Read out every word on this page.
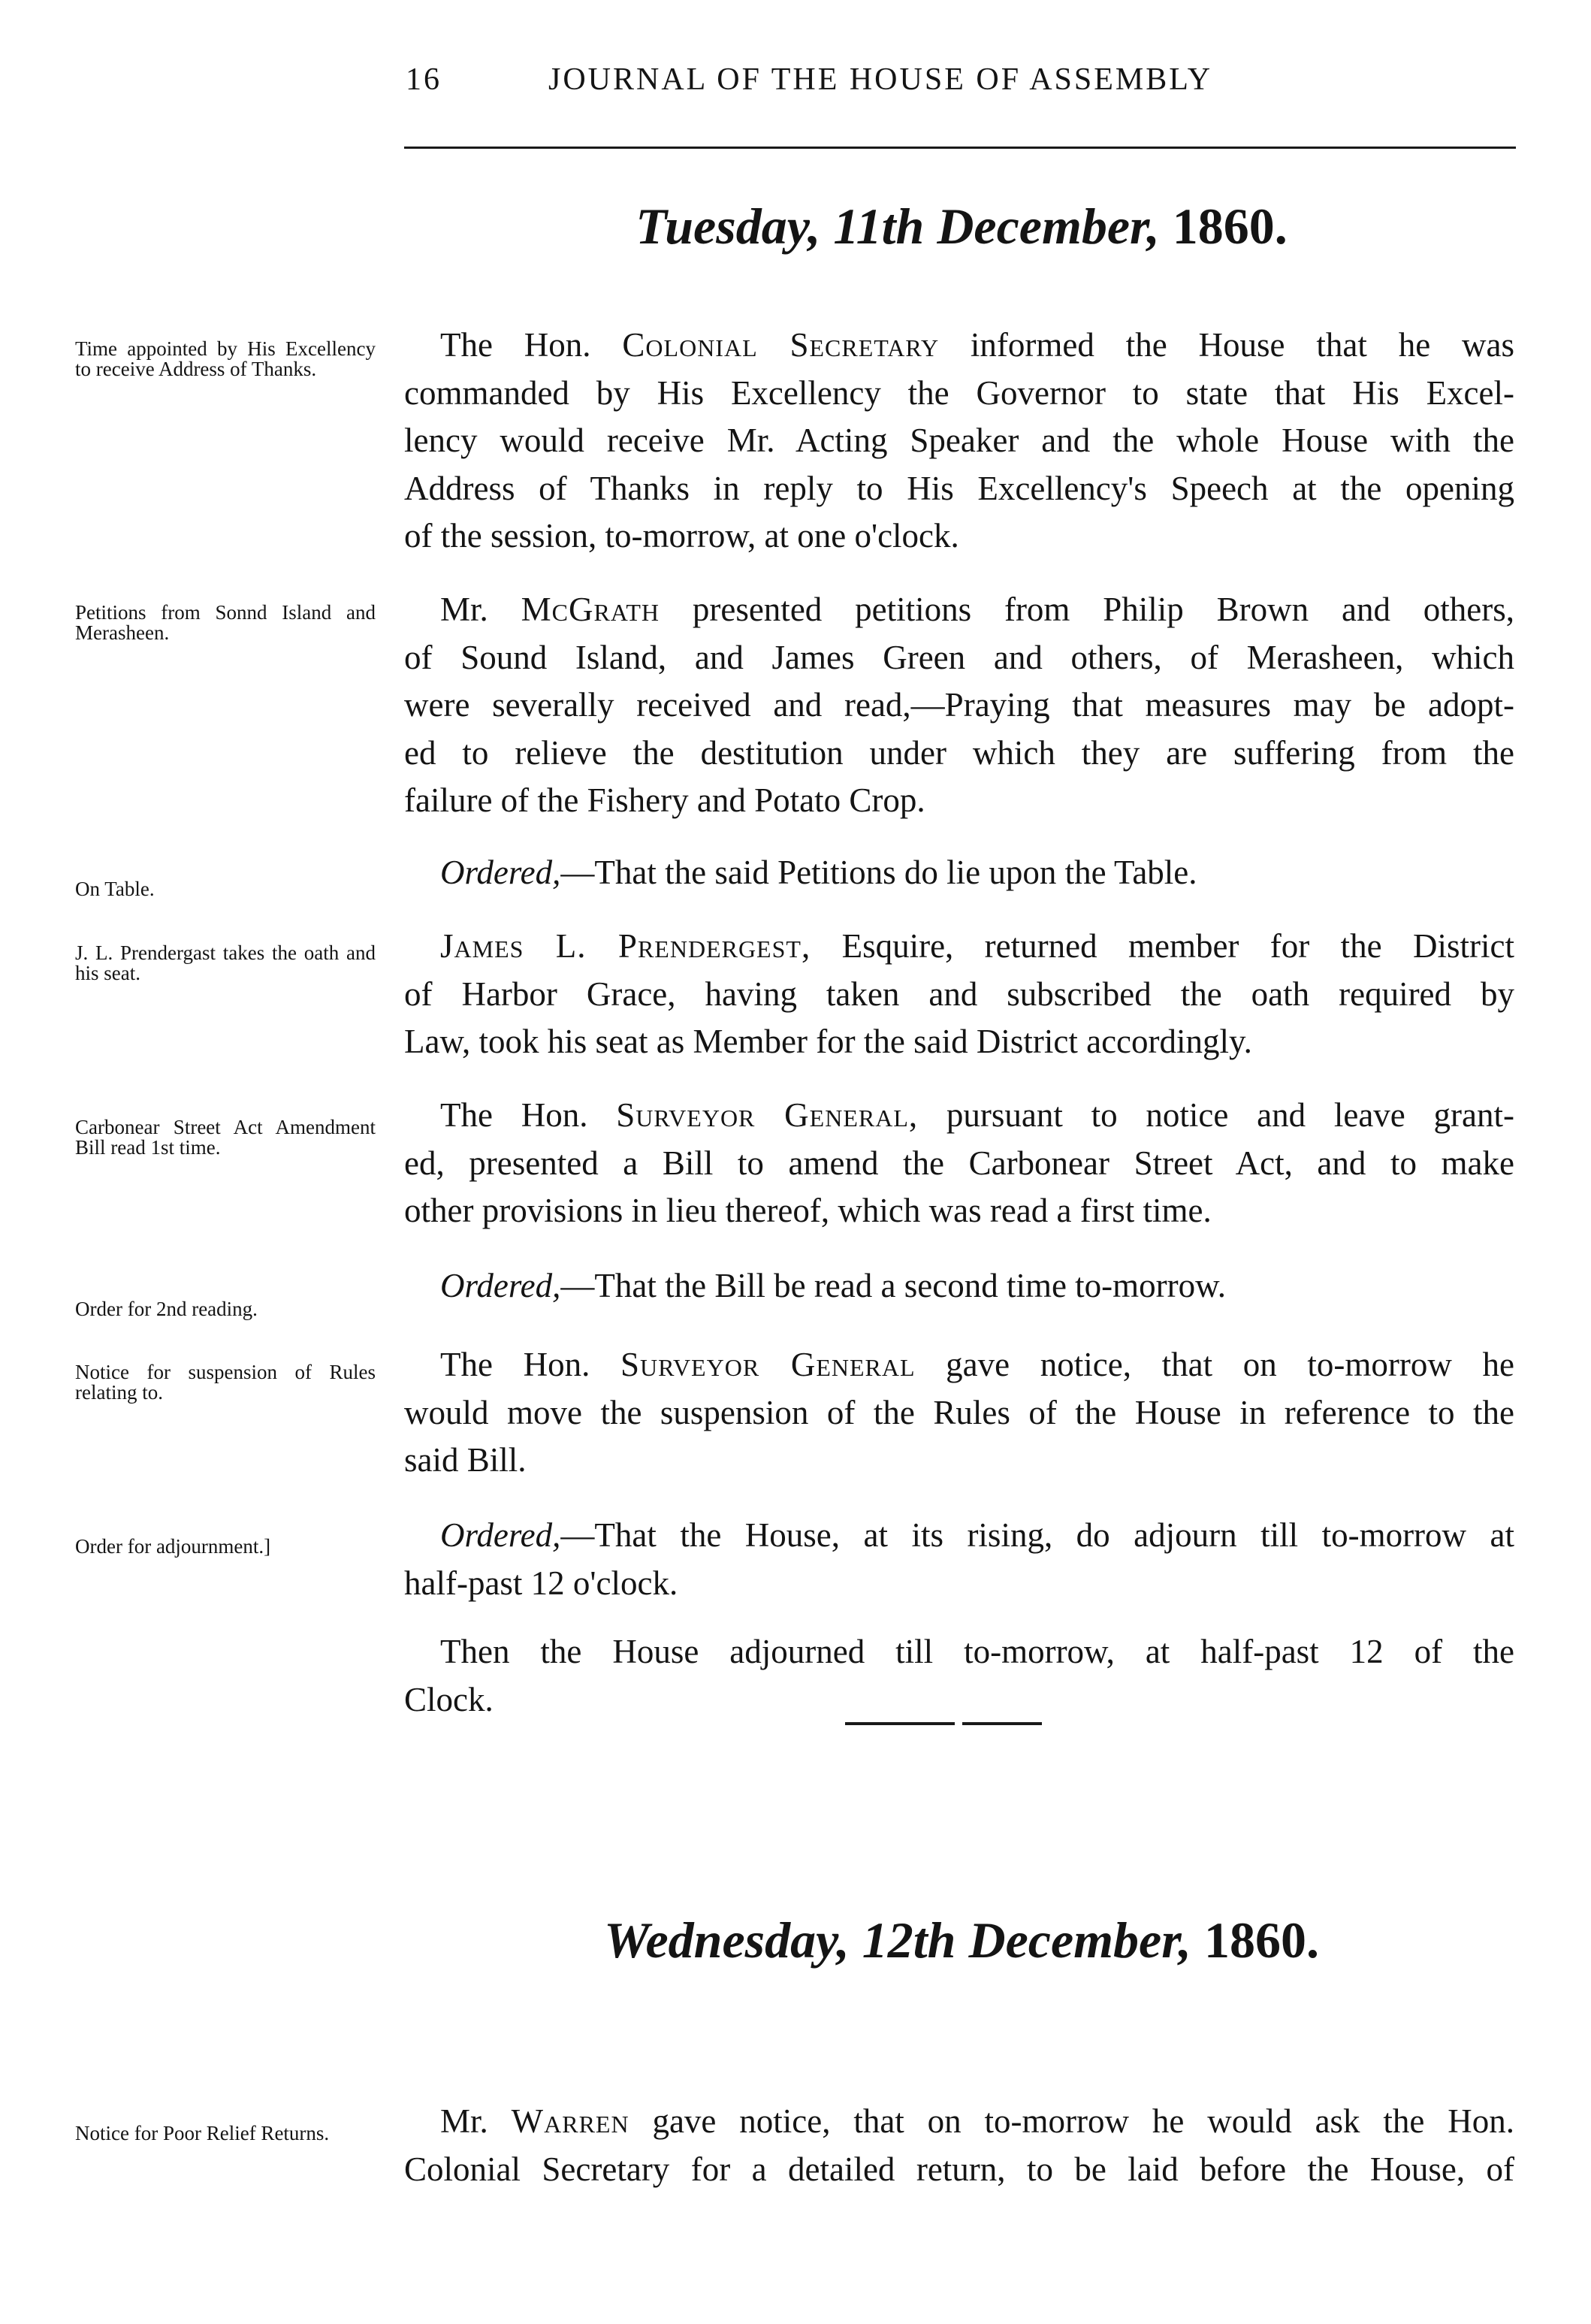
16	JOURNAL OF THE HOUSE OF ASSEMBLY
Tuesday, 11th December, 1860.
Time appointed by His Excellency to receive Address of Thanks.
Petitions from Sonnd Island and Merasheen.
On Table.
J. L. Prendergast takes the oath and his seat.
Carbonear Street Act Amendment Bill read 1st time.
Order for 2nd reading.
Notice for suspension of Rules relating to.
Order for adjournment.]
The Hon. Colonial Secretary informed the House that he was
commanded by His Excellency the Governor to state that His Excel-
lency would receive Mr. Acting Speaker and the whole House with the
Address of Thanks in reply to His Excellency's Speech at the opening
of the session, to-morrow, at one o'clock.
Mr. McGrath presented petitions from Philip Brown and others,
of Sound Island, and James Green and others, of Merasheen, which
were severally received and read,—Praying that measures may be adopt-
ed to relieve the destitution under which they are suffering from the
failure of the Fishery and Potato Crop.
Ordered,—That the said Petitions do lie upon the Table.
James L. Prendergest, Esquire, returned member for the District
of Harbor Grace, having taken and subscribed the oath required by
Law, took his seat as Member for the said District accordingly.
The Hon. Surveyor General, pursuant to notice and leave grant-
ed, presented a Bill to amend the Carbonear Street Act, and to make
other provisions in lieu thereof, which was read a first time.
Ordered,—That the Bill be read a second time to-morrow.
The Hon. Surveyor General gave notice, that on to-morrow he
would move the suspension of the Rules of the House in reference to the
said Bill.
Ordered,—That the House, at its rising, do adjourn till to-morrow at
half-past 12 o'clock.
Then the House adjourned till to-morrow, at half-past 12 of the
Clock.
Wednesday, 12th December, 1860.
Notice for Poor Relief Returns.	Mr. Warren gave notice, that on to-morrow he would ask the Hon.
Colonial Secretary for a detailed return, to be laid before the House, of
